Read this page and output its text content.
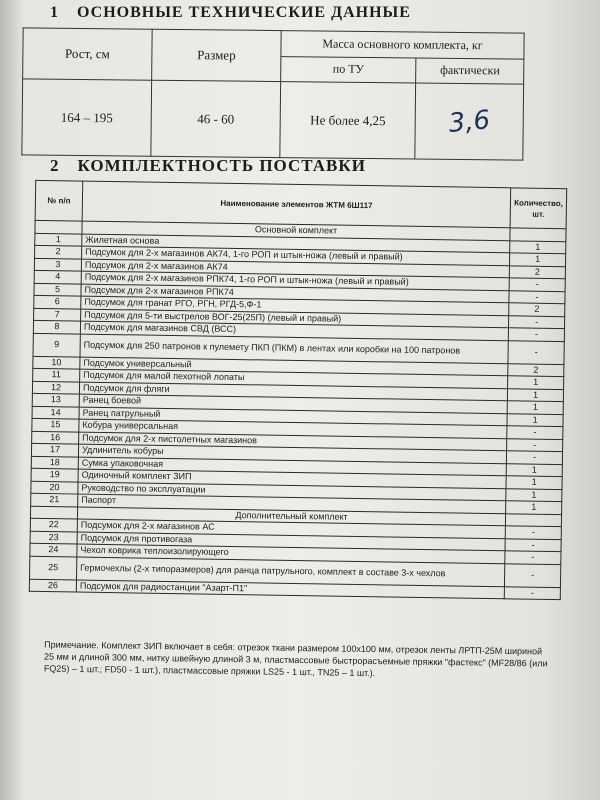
1 ОСНОВНЫЕ ТЕХНИЧЕСКИЕ ДАННЫЕ
Рост, см	Размер	Масса основного комплекта, кг	
		по ТУ	фактически
164 – 195	46 - 60	Не более 4,25	3,6
2 КОМПЛЕКТНОСТЬ ПОСТАВКИ
№ п/п	Наименование элементов ЖТМ 6Ш117	Количество, шт.
	Основной комплект	
1	Жилетная основа	1
2	Подсумок для 2-х магазинов АК74, 1-го РОП и штык-ножа (левый и правый)	1
3	Подсумок для 2-х магазинов АК74	2
4	Подсумок для 2-х магазинов РПК74, 1-го РОП и штык-ножа (левый и правый)	-
5	Подсумок для 2-х магазинов РПК74	-
6	Подсумок для гранат РГО, РГН, РГД-5,Ф-1	2
7	Подсумок для 5-ти выстрелов ВОГ-25(25П) (левый и правый)	-
8	Подсумок для магазинов СВД (ВСС)	-
9	Подсумок для 250 патронов к пулемету ПКП (ПКМ) в лентах или коробки на 100 патронов	-
10	Подсумок универсальный	2
11	Подсумок для малой пехотной лопаты	1
12	Подсумок для фляги	1
13	Ранец боевой	1
14	Ранец патрульный	1
15	Кобура универсальная	-
16	Подсумок для 2-х пистолетных магазинов	-
17	Удлинитель кобуры	-
18	Сумка упаковочная	1
19	Одиночный комплект ЗИП	1
20	Руководство по эксплуатации	1
21	Паспорт	1
	Дополнительный комплект	
22	Подсумок для 2-х магазинов АС	-
23	Подсумок для противогаза	-
24	Чехол коврика теплоизолирующего	-
25	Гермочехлы (2-х типоразмеров) для ранца патрульного, комплект в составе 3-х чехлов	-
26	Подсумок для радиостанции "Азарт-П1"	-
Примечание. Комплект ЗИП включает в себя: отрезок ткани размером 100х100 мм, отрезок ленты ЛРТП-25М шириной 25 мм и длиной 300 мм, нитку швейную длиной 3 м, пластмассовые быстрорасъемные пряжки "фастекс" (MF28/86 (или FQ25) – 1 шт.; FD50 - 1 шт.), пластмассовые пряжки LS25 - 1 шт., TN25 – 1 шт.).
